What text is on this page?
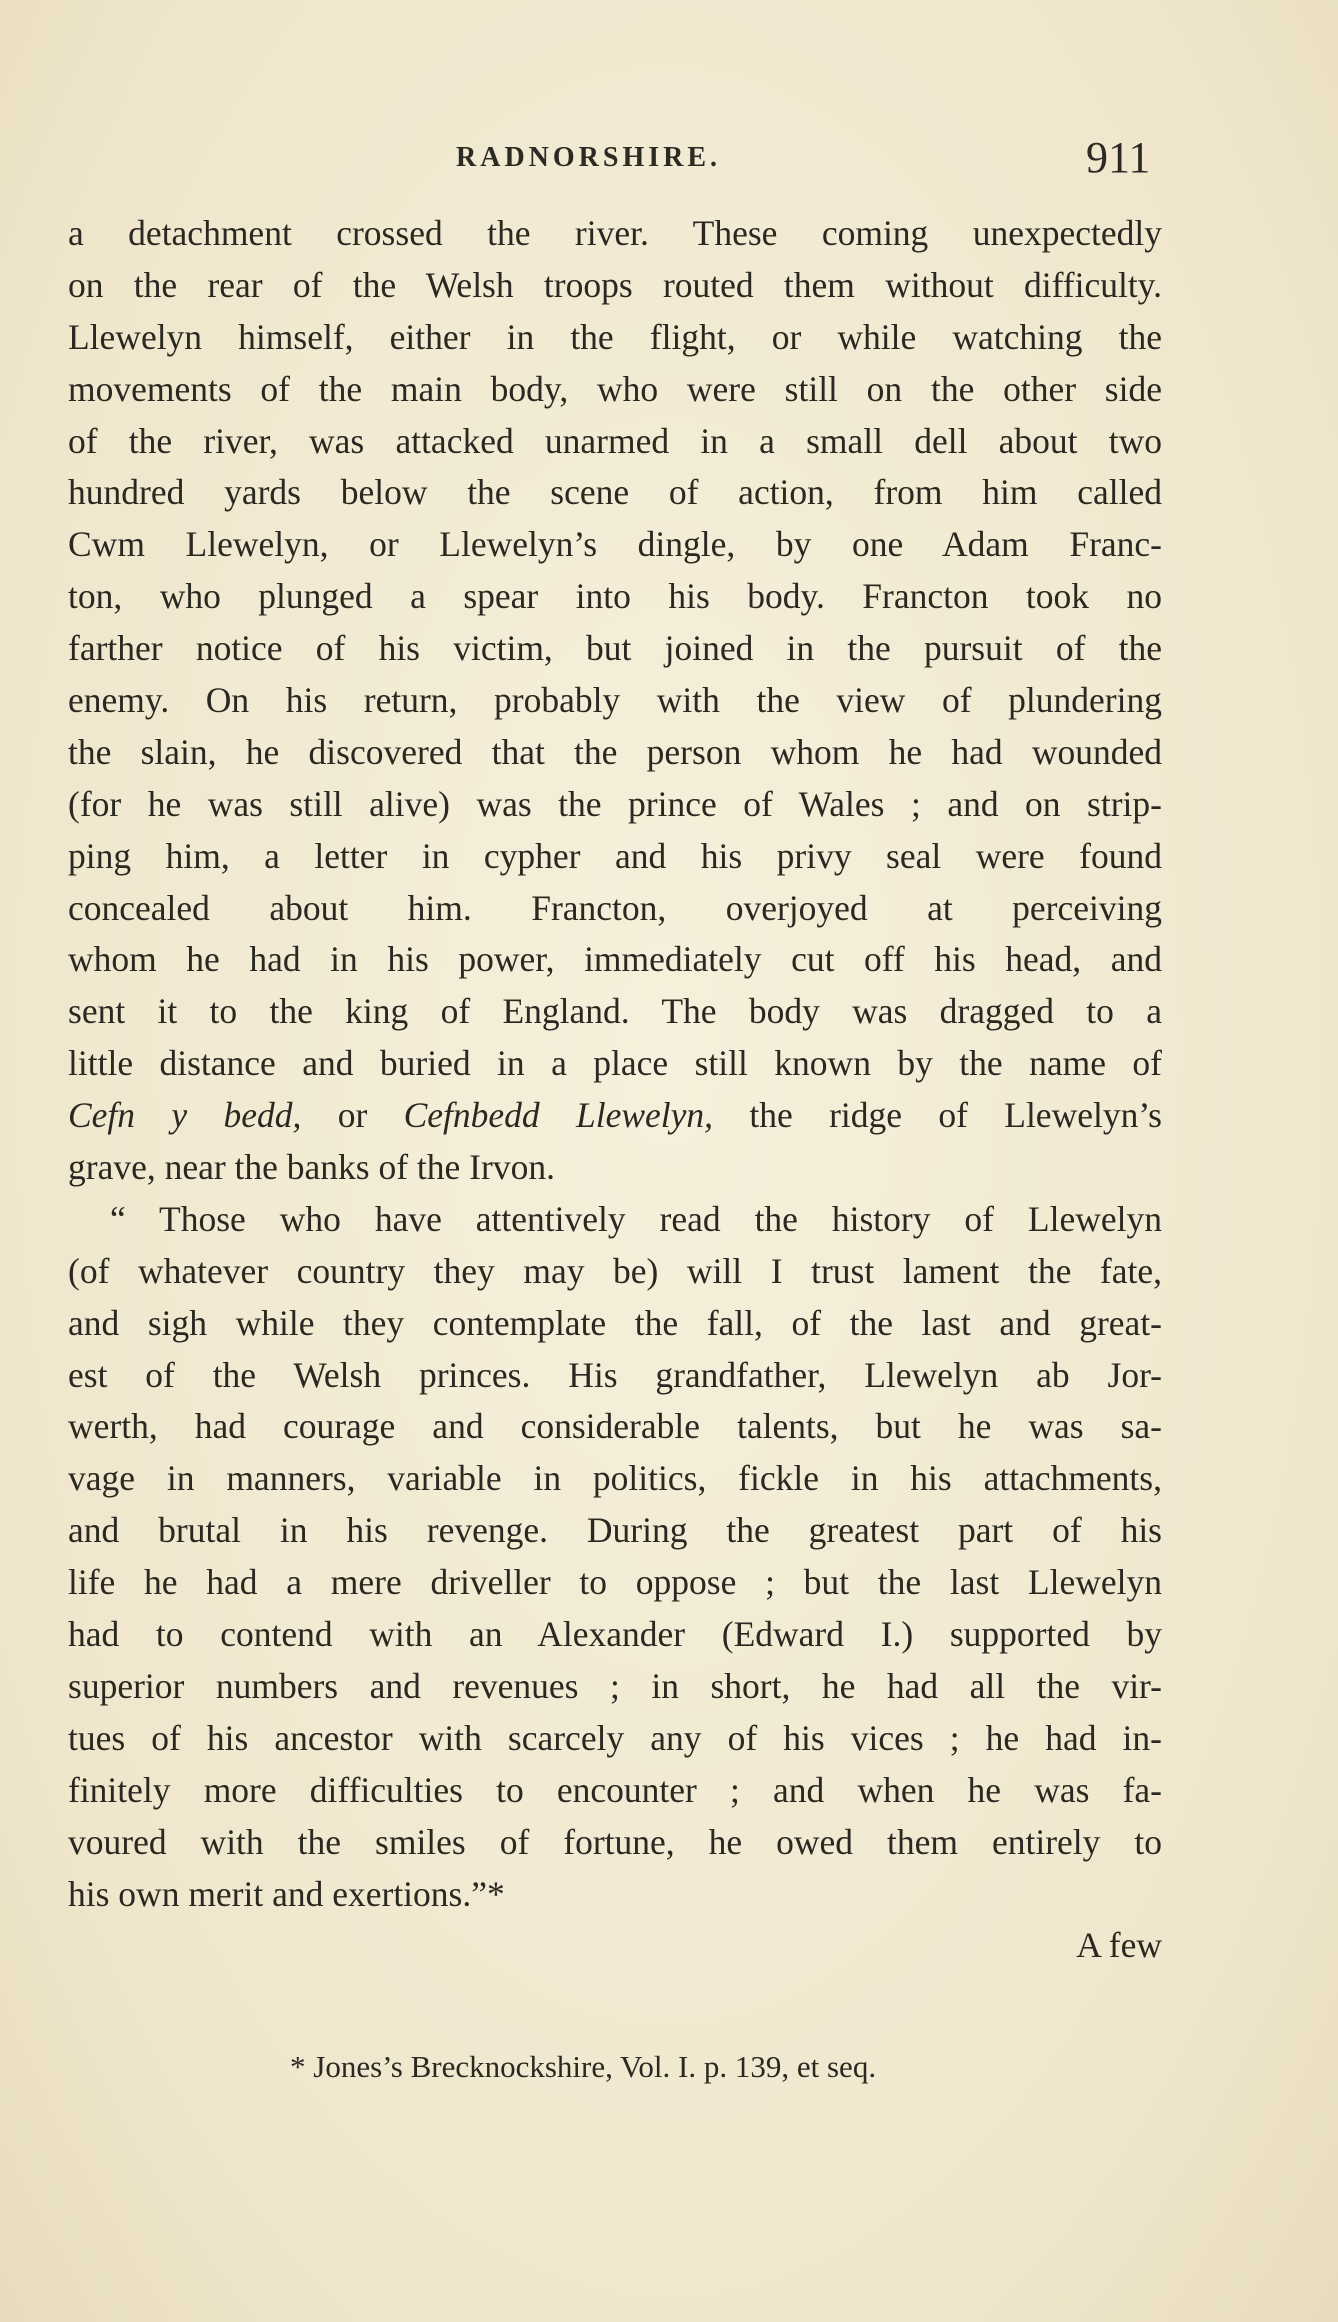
RADNORSHIRE.	911
a detachment crossed the river. These coming unexpectedly
on the rear of the Welsh troops routed them without difficulty.
Llewelyn himself, either in the flight, or while watching the
movements of the main body, who were still on the other side
of the river, was attacked unarmed in a small dell about two
hundred yards below the scene of action, from him called
Cwm Llewelyn, or Llewelyn’s dingle, by one Adam Franc-
ton, who plunged a spear into his body. Francton took no
farther notice of his victim, but joined in the pursuit of the
enemy. On his return, probably with the view of plundering
the slain, he discovered that the person whom he had wounded
(for he was still alive) was the prince of Wales ; and on strip-
ping him, a letter in cypher and his privy seal were found
concealed about him. Francton, overjoyed at perceiving
whom he had in his power, immediately cut off his head, and
sent it to the king of England. The body was dragged to a
little distance and buried in a place still known by the name of
Cefn y bedd, or Cefnbedd Llewelyn, the ridge of Llewelyn’s
grave, near the banks of the Irvon.
“ Those who have attentively read the history of Llewelyn
(of whatever country they may be) will I trust lament the fate,
and sigh while they contemplate the fall, of the last and great-
est of the Welsh princes. His grandfather, Llewelyn ab Jor-
werth, had courage and considerable talents, but he was sa-
vage in manners, variable in politics, fickle in his attachments,
and brutal in his revenge. During the greatest part of his
life he had a mere driveller to oppose ; but the last Llewelyn
had to contend with an Alexander (Edward I.) supported by
superior numbers and revenues ; in short, he had all the vir-
tues of his ancestor with scarcely any of his vices ; he had in-
finitely more difficulties to encounter ; and when he was fa-
voured with the smiles of fortune, he owed them entirely to
his own merit and exertions.”*
A few
* Jones’s Brecknockshire, Vol. I. p. 139, et seq.
